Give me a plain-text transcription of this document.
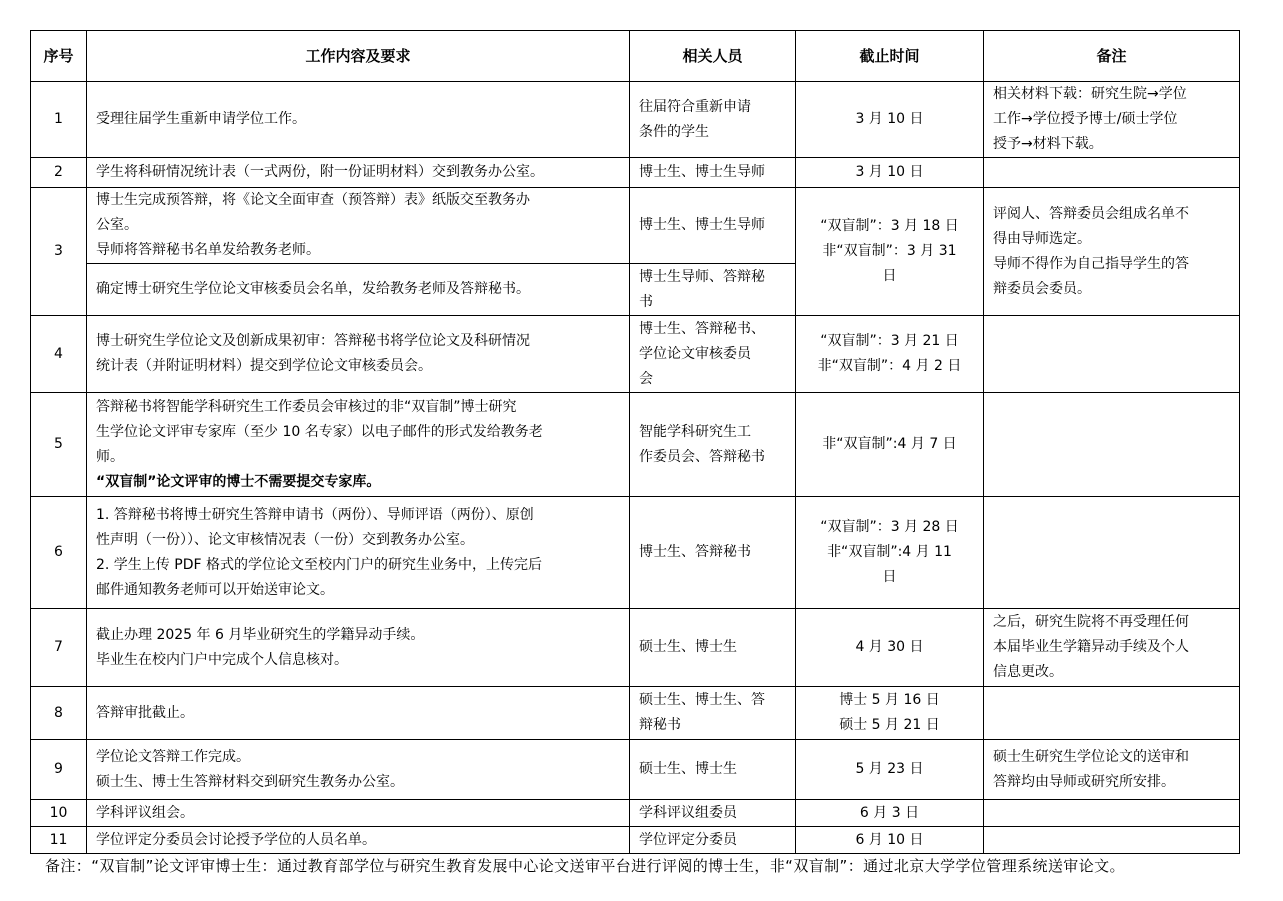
序号	工作内容及要求	相关人员	截止时间	备注
1	受理往届学生重新申请学位工作。	往届符合重新申请
条件的学生	3 月 10 日	相关材料下载：研究生院→学位
工作→学位授予博士/硕士学位
授予→材料下载。

2	学生将科研情况统计表（一式两份，附一份证明材料）交到教务办公室。	博士生、博士生导师	3 月 10 日	

3	博士生完成预答辩，将《论文全面审查（预答辩）表》纸版交至教务办
公室。
导师将答辩秘书名单发给教务老师。	博士生、博士生导师	“双盲制”：3 月 18 日
非“双盲制”：3 月 31
日	评阅人、答辩委员会组成名单不
得由导师选定。
导师不得作为自己指导学生的答
辩委员会委员。

	确定博士研究生学位论文审核委员会名单，发给教务老师及答辩秘书。	博士生导师、答辩秘
书		

4	博士研究生学位论文及创新成果初审：答辩秘书将学位论文及科研情况
统计表（并附证明材料）提交到学位论文审核委员会。	博士生、答辩秘书、
学位论文审核委员
会	“双盲制”：3 月 21 日
非“双盲制”：4 月 2 日	

5	答辩秘书将智能学科研究生工作委员会审核过的非“双盲制”博士研究
生学位论文评审专家库（至少 10 名专家）以电子邮件的形式发给教务老
师。
“双盲制”论文评审的博士不需要提交专家库。	智能学科研究生工
作委员会、答辩秘书	非“双盲制”:4 月 7 日	

6	1. 答辩秘书将博士研究生答辩申请书（两份）、导师评语（两份）、原创
性声明（一份））、论文审核情况表（一份）交到教务办公室。
2. 学生上传 PDF 格式的学位论文至校内门户的研究生业务中，上传完后
邮件通知教务老师可以开始送审论文。	博士生、答辩秘书	“双盲制”：3 月 28 日
非“双盲制”:4 月 11
日	

7	截止办理 2025 年 6 月毕业研究生的学籍异动手续。
毕业生在校内门户中完成个人信息核对。	硕士生、博士生	4 月 30 日	之后，研究生院将不再受理任何
本届毕业生学籍异动手续及个人
信息更改。

8	答辩审批截止。	硕士生、博士生、答
辩秘书	博士 5 月 16 日
硕士 5 月 21 日	

9	学位论文答辩工作完成。
硕士生、博士生答辩材料交到研究生教务办公室。	硕士生、博士生	5 月 23 日	硕士生研究生学位论文的送审和
答辩均由导师或研究所安排。

10	学科评议组会。	学科评议组委员	6 月 3 日	

11	学位评定分委员会讨论授予学位的人员名单。	学位评定分委员	6 月 10 日	

备注：“双盲制”论文评审博士生：通过教育部学位与研究生教育发展中心论文送审平台进行评阅的博士生，非“双盲制”：通过北京大学学位管理系统送审论文。
